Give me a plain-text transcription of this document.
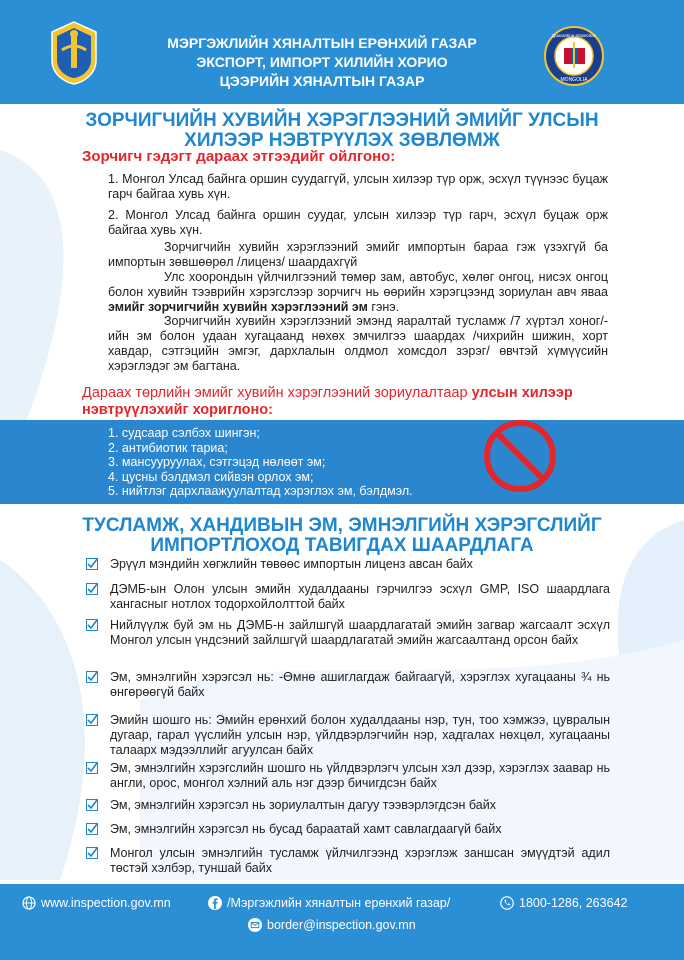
МЭРГЭЖЛИЙН ХЯНАЛТЫН ЕРӨНХИЙ ГАЗАР
ЭКСПОРТ, ИМПОРТ ХИЛИЙН ХОРИО
ЦЭЭРИЙН ХЯНАЛТЫН ГАЗАР
Quarantine Inspection
MONGOLIA
ЗОРЧИГЧИЙН ХУВИЙН ХЭРЭГЛЭЭНИЙ ЭМИЙГ УЛСЫН
ХИЛЭЭР НЭВТРҮҮЛЭХ ЗӨВЛӨМЖ
Зорчигч гэдэгт дараах этгээдийг ойлгоно:
1. Монгол Улсад байнга оршин суудаггүй, улсын хилээр түр орж, эсхүл түүнээс буцаж гарч байгаа хувь хүн.
2. Монгол Улсад байнга оршин суудаг, улсын хилээр түр гарч, эсхүл буцаж орж байгаа хувь хүн.
Зорчигчийн хувийн хэрэглээний эмийг импортын бараа гэж үзэхгүй ба импортын зөвшөөрөл /лиценз/ шаардахгүй
Улс хоорондын үйлчилгээний төмөр зам, автобус, хөлөг онгоц, нисэх онгоц болон хувийн тээврийн хэрэгслээр зорчигч нь өөрийн хэрэгцээнд зориулан авч яваа эмийг зорчигчийн хувийн хэрэглээний эм гэнэ.
Зорчигчийн хувийн хэрэглээний эмэнд яаралтай тусламж /7 хүртэл хоног/-ийн эм болон удаан хугацаанд нөхөх эмчилгээ шаардах /чихрийн шижин, хорт хавдар, сэтгэцийн эмгэг, дархлалын олдмол хомсдол зэрэг/ өвчтэй хүмүүсийн хэрэглэдэг эм багтана.
Дараах төрлийн эмийг хувийн хэрэглээний зориулалтаар улсын хилээр нэвтрүүлэхийг хориглоно:
1. судсаар сэлбэх шингэн;
2. антибиотик тариа;
3. мансууруулах, сэтгэцэд нөлөөт эм;
4. цусны бэлдмэл сийвэн орлох эм;
5. нийтлэг дархлаажуулалтад хэрэглэх эм, бэлдмэл.
ТУСЛАМЖ, ХАНДИВЫН ЭМ, ЭМНЭЛГИЙН ХЭРЭГСЛИЙГ
ИМПОРТЛОХОД ТАВИГДАХ ШААРДЛАГА
Эрүүл мэндийн хөгжлийн төвөөс импортын лиценз авсан байх
ДЭМБ-ын Олон улсын эмийн худалдааны гэрчилгээ эсхүл GMP, ISO шаардлага хангасныг нотлох тодорхойлолттой байх
Нийлүүлж буй эм нь ДЭМБ-н зайлшгүй шаардлагатай эмийн загвар жагсаалт эсхүл Монгол улсын үндсэний зайлшгүй шаардлагатай эмийн жагсаалтанд орсон байх
Эм, эмнэлгийн хэрэгсэл нь: -Өмнө ашиглагдаж байгаагүй, хэрэглэх хугацааны ¾ нь өнгөрөөгүй байх
Эмийн шошго нь: Эмийн ерөнхий болон худалдааны нэр, тун, тоо хэмжээ, цувралын дугаар, гарал үүслийн улсын нэр, үйлдвэрлэгчийн нэр, хадгалах нөхцөл, хугацааны талаарх мэдээллийг агуулсан байх
Эм, эмнэлгийн хэрэгслийн шошго нь үйлдвэрлэгч улсын хэл дээр, хэрэглэх заавар нь англи, орос, монгол хэлний аль нэг дээр бичигдсэн байх
Эм, эмнэлгийн хэрэгсэл нь зориулалтын дагуу тээвэрлэгдсэн байх
Эм, эмнэлгийн хэрэгсэл нь бусад бараатай хамт савлагдаагүй байх
Монгол улсын эмнэлгийн тусламж үйлчилгээнд хэрэглэж заншсан эмүүдтэй адил төстэй хэлбэр, туншай байх
www.inspection.gov.mn	/Мэргэжлийн хяналтын ерөнхий газар/	1800-1286, 263642
border@inspection.gov.mn
